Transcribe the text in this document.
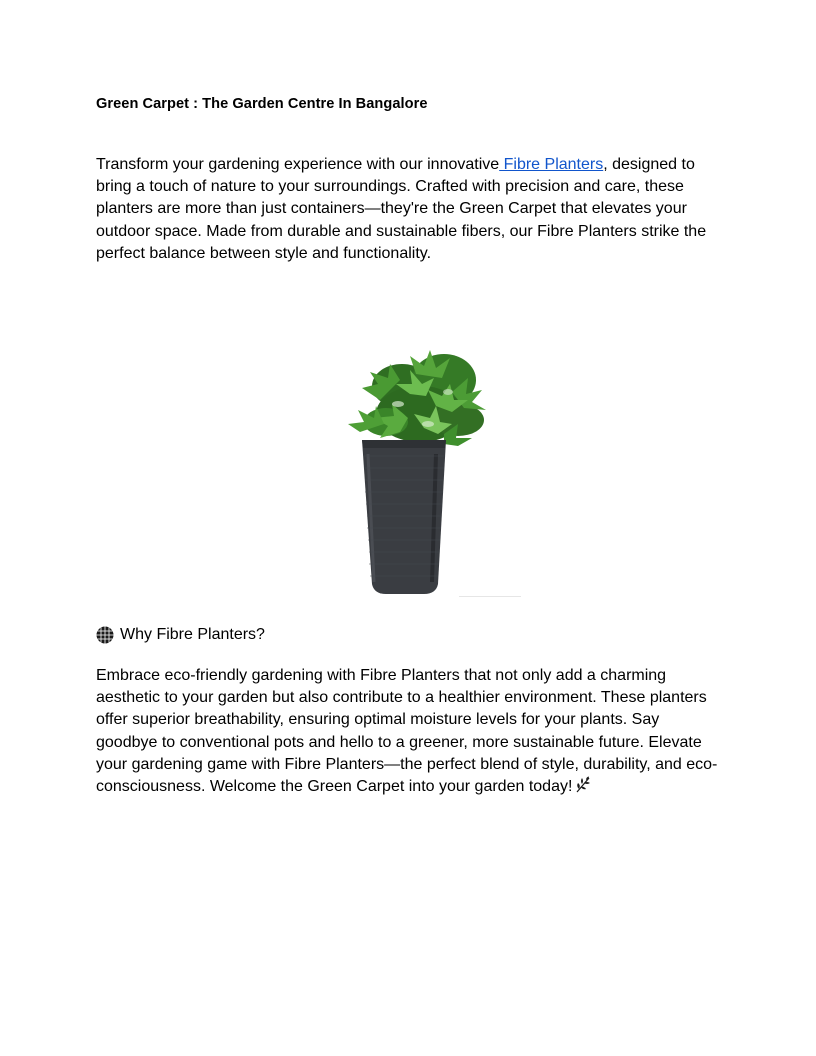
Green Carpet : The Garden Centre In Bangalore

Transform your gardening experience with our innovative Fibre Planters, designed to bring a touch of nature to your surroundings. Crafted with precision and care, these planters are more than just containers—they're the Green Carpet that elevates your outdoor space. Made from durable and sustainable fibers, our Fibre Planters strike the perfect balance between style and functionality.

Why Fibre Planters?

Embrace eco-friendly gardening with Fibre Planters that not only add a charming aesthetic to your garden but also contribute to a healthier environment. These planters offer superior breathability, ensuring optimal moisture levels for your plants. Say goodbye to conventional pots and hello to a greener, more sustainable future. Elevate your gardening game with Fibre Planters—the perfect blend of style, durability, and eco-consciousness. Welcome the Green Carpet into your garden today!
